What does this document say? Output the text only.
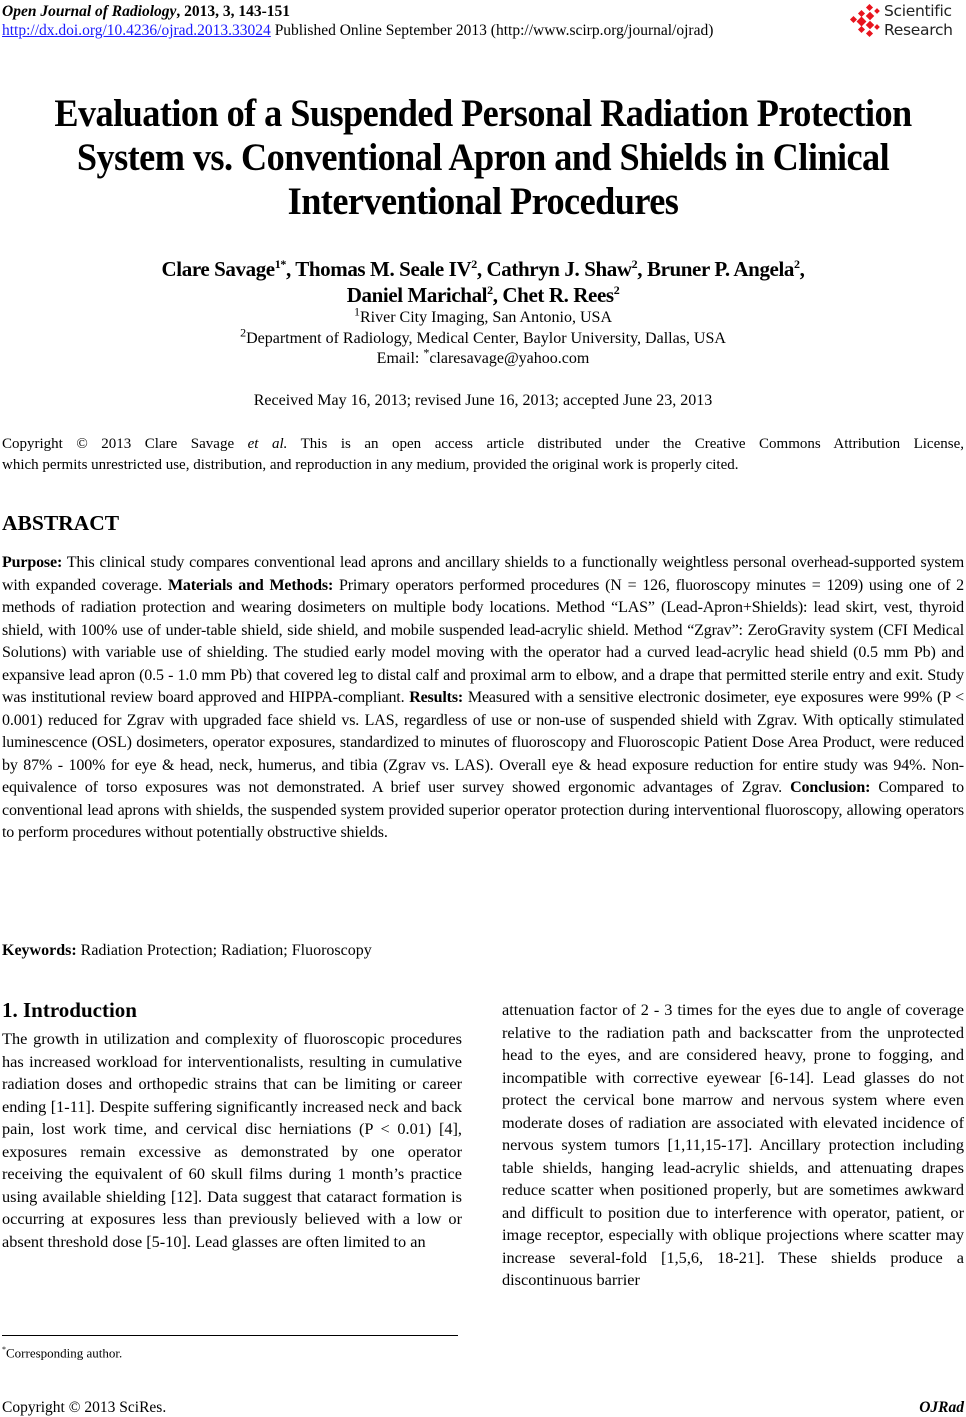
Open Journal of Radiology, 2013, 3, 143-151
http://dx.doi.org/10.4236/ojrad.2013.33024 Published Online September 2013 (http://www.scirp.org/journal/ojrad)
Scientific
Research
Evaluation of a Suspended Personal Radiation Protection
System vs. Conventional Apron and Shields in Clinical
Interventional Procedures
Clare Savage$^{1*}$, Thomas M. Seale $IV^2$, Cathryn J. Shaw$^2$, Bruner P. Angela$^2$,
Daniel Marichal$^2$, Chet R. Rees$^2$
$^1$River City Imaging, San Antonio, USA
$^2$Department of Radiology, Medical Center, Baylor University, Dallas, USA
Email: *claresavage@yahoo.com
Received May 16, 2013; revised June 16, 2013; accepted June 23, 2013
Copyright © 2013 Clare Savage et al. This is an open access article distributed under the Creative Commons Attribution License,
which permits unrestricted use, distribution, and reproduction in any medium, provided the original work is properly cited.
ABSTRACT
Purpose: This clinical study compares conventional lead aprons and ancillary shields to a functionally weightless personal overhead-supported system with expanded coverage. Materials and Methods: Primary operators performed procedures (N = 126, fluoroscopy minutes = 1209) using one of 2 methods of radiation protection and wearing dosimeters on multiple body locations. Method “LAS” (Lead-Apron+Shields): lead skirt, vest, thyroid shield, with 100% use of under-table shield, side shield, and mobile suspended lead-acrylic shield. Method “Zgrav”: ZeroGravity system (CFI Medical Solutions) with variable use of shielding. The studied early model moving with the operator had a curved lead-acrylic head shield (0.5 mm Pb) and expansive lead apron (0.5 - 1.0 mm Pb) that covered leg to distal calf and proximal arm to elbow, and a drape that permitted sterile entry and exit. Study was institutional review board approved and HIPPA-compliant. Results: Measured with a sensitive electronic dosimeter, eye exposures were 99% (P < 0.001) reduced for Zgrav with upgraded face shield vs. LAS, regardless of use or non-use of suspended shield with Zgrav. With optically stimulated luminescence (OSL) dosimeters, operator exposures, standardized to minutes of fluoroscopy and Fluoroscopic Patient Dose Area Product, were reduced by 87% - 100% for eye & head, neck, humerus, and tibia (Zgrav vs. LAS). Overall eye & head exposure reduction for entire study was 94%. Non-equivalence of torso exposures was not demonstrated. A brief user survey showed ergonomic advantages of Zgrav. Conclusion: Compared to conventional lead aprons with shields, the suspended system provided superior operator protection during interventional fluoroscopy, allowing operators to perform procedures without potentially obstructive shields.
Keywords: Radiation Protection; Radiation; Fluoroscopy
1. Introduction

The growth in utilization and complexity of fluoroscopic procedures has increased workload for interventionalists, resulting in cumulative radiation doses and orthopedic strains that can be limiting or career ending [1-11]. Despite suffering significantly increased neck and back pain, lost work time, and cervical disc herniations (P < 0.01) [4], exposures remain excessive as demonstrated by one operator receiving the equivalent of 60 skull films during 1 month’s practice using available shielding [12]. Data suggest that cataract formation is occurring at exposures less than previously believed with a low or absent threshold dose [5-10]. Lead glasses are often limited to an

attenuation factor of 2 - 3 times for the eyes due to angle of coverage relative to the radiation path and backscatter from the unprotected head to the eyes, and are considered heavy, prone to fogging, and incompatible with corrective eyewear [6-14]. Lead glasses do not protect the cervical bone marrow and nervous system where even moderate doses of radiation are associated with elevated incidence of nervous system tumors [1,11,15-17]. Ancillary protection including table shields, hanging lead-acrylic shields, and attenuating drapes reduce scatter when positioned properly, but are sometimes awkward and difficult to position due to interference with operator, patient, or image receptor, especially with oblique projections where scatter may increase several-fold [1,5,6, 18-21]. These shields produce a discontinuous barrier

*Corresponding author.
Copyright © 2013 SciRes.	OJRad
